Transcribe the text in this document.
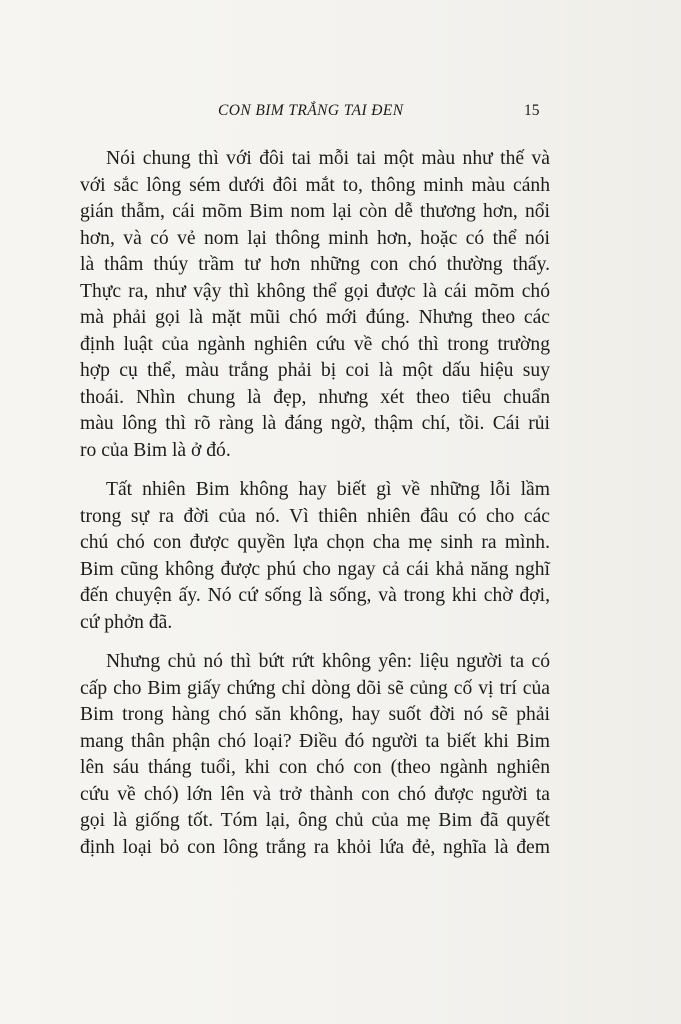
CON BIM TRẮNG TAI ĐEN	15
Nói chung thì với đôi tai mỗi tai một màu như thế và
với sắc lông sém dưới đôi mắt to, thông minh màu cánh
gián thẫm, cái mõm Bim nom lại còn dễ thương hơn, nổi
hơn, và có vẻ nom lại thông minh hơn, hoặc có thể nói
là thâm thúy trầm tư hơn những con chó thường thấy.
Thực ra, như vậy thì không thể gọi được là cái mõm chó
mà phải gọi là mặt mũi chó mới đúng. Nhưng theo các
định luật của ngành nghiên cứu về chó thì trong trường
hợp cụ thể, màu trắng phải bị coi là một dấu hiệu suy
thoái. Nhìn chung là đẹp, nhưng xét theo tiêu chuẩn
màu lông thì rõ ràng là đáng ngờ, thậm chí, tồi. Cái rủi
ro của Bim là ở đó.
Tất nhiên Bim không hay biết gì về những lỗi lầm
trong sự ra đời của nó. Vì thiên nhiên đâu có cho các
chú chó con được quyền lựa chọn cha mẹ sinh ra mình.
Bim cũng không được phú cho ngay cả cái khả năng nghĩ
đến chuyện ấy. Nó cứ sống là sống, và trong khi chờ đợi,
cứ phởn đã.
Nhưng chủ nó thì bứt rứt không yên: liệu người ta có
cấp cho Bim giấy chứng chỉ dòng dõi sẽ củng cố vị trí của
Bim trong hàng chó săn không, hay suốt đời nó sẽ phải
mang thân phận chó loại? Điều đó người ta biết khi Bim
lên sáu tháng tuổi, khi con chó con (theo ngành nghiên
cứu về chó) lớn lên và trở thành con chó được người ta
gọi là giống tốt. Tóm lại, ông chủ của mẹ Bim đã quyết
định loại bỏ con lông trắng ra khỏi lứa đẻ, nghĩa là đem
